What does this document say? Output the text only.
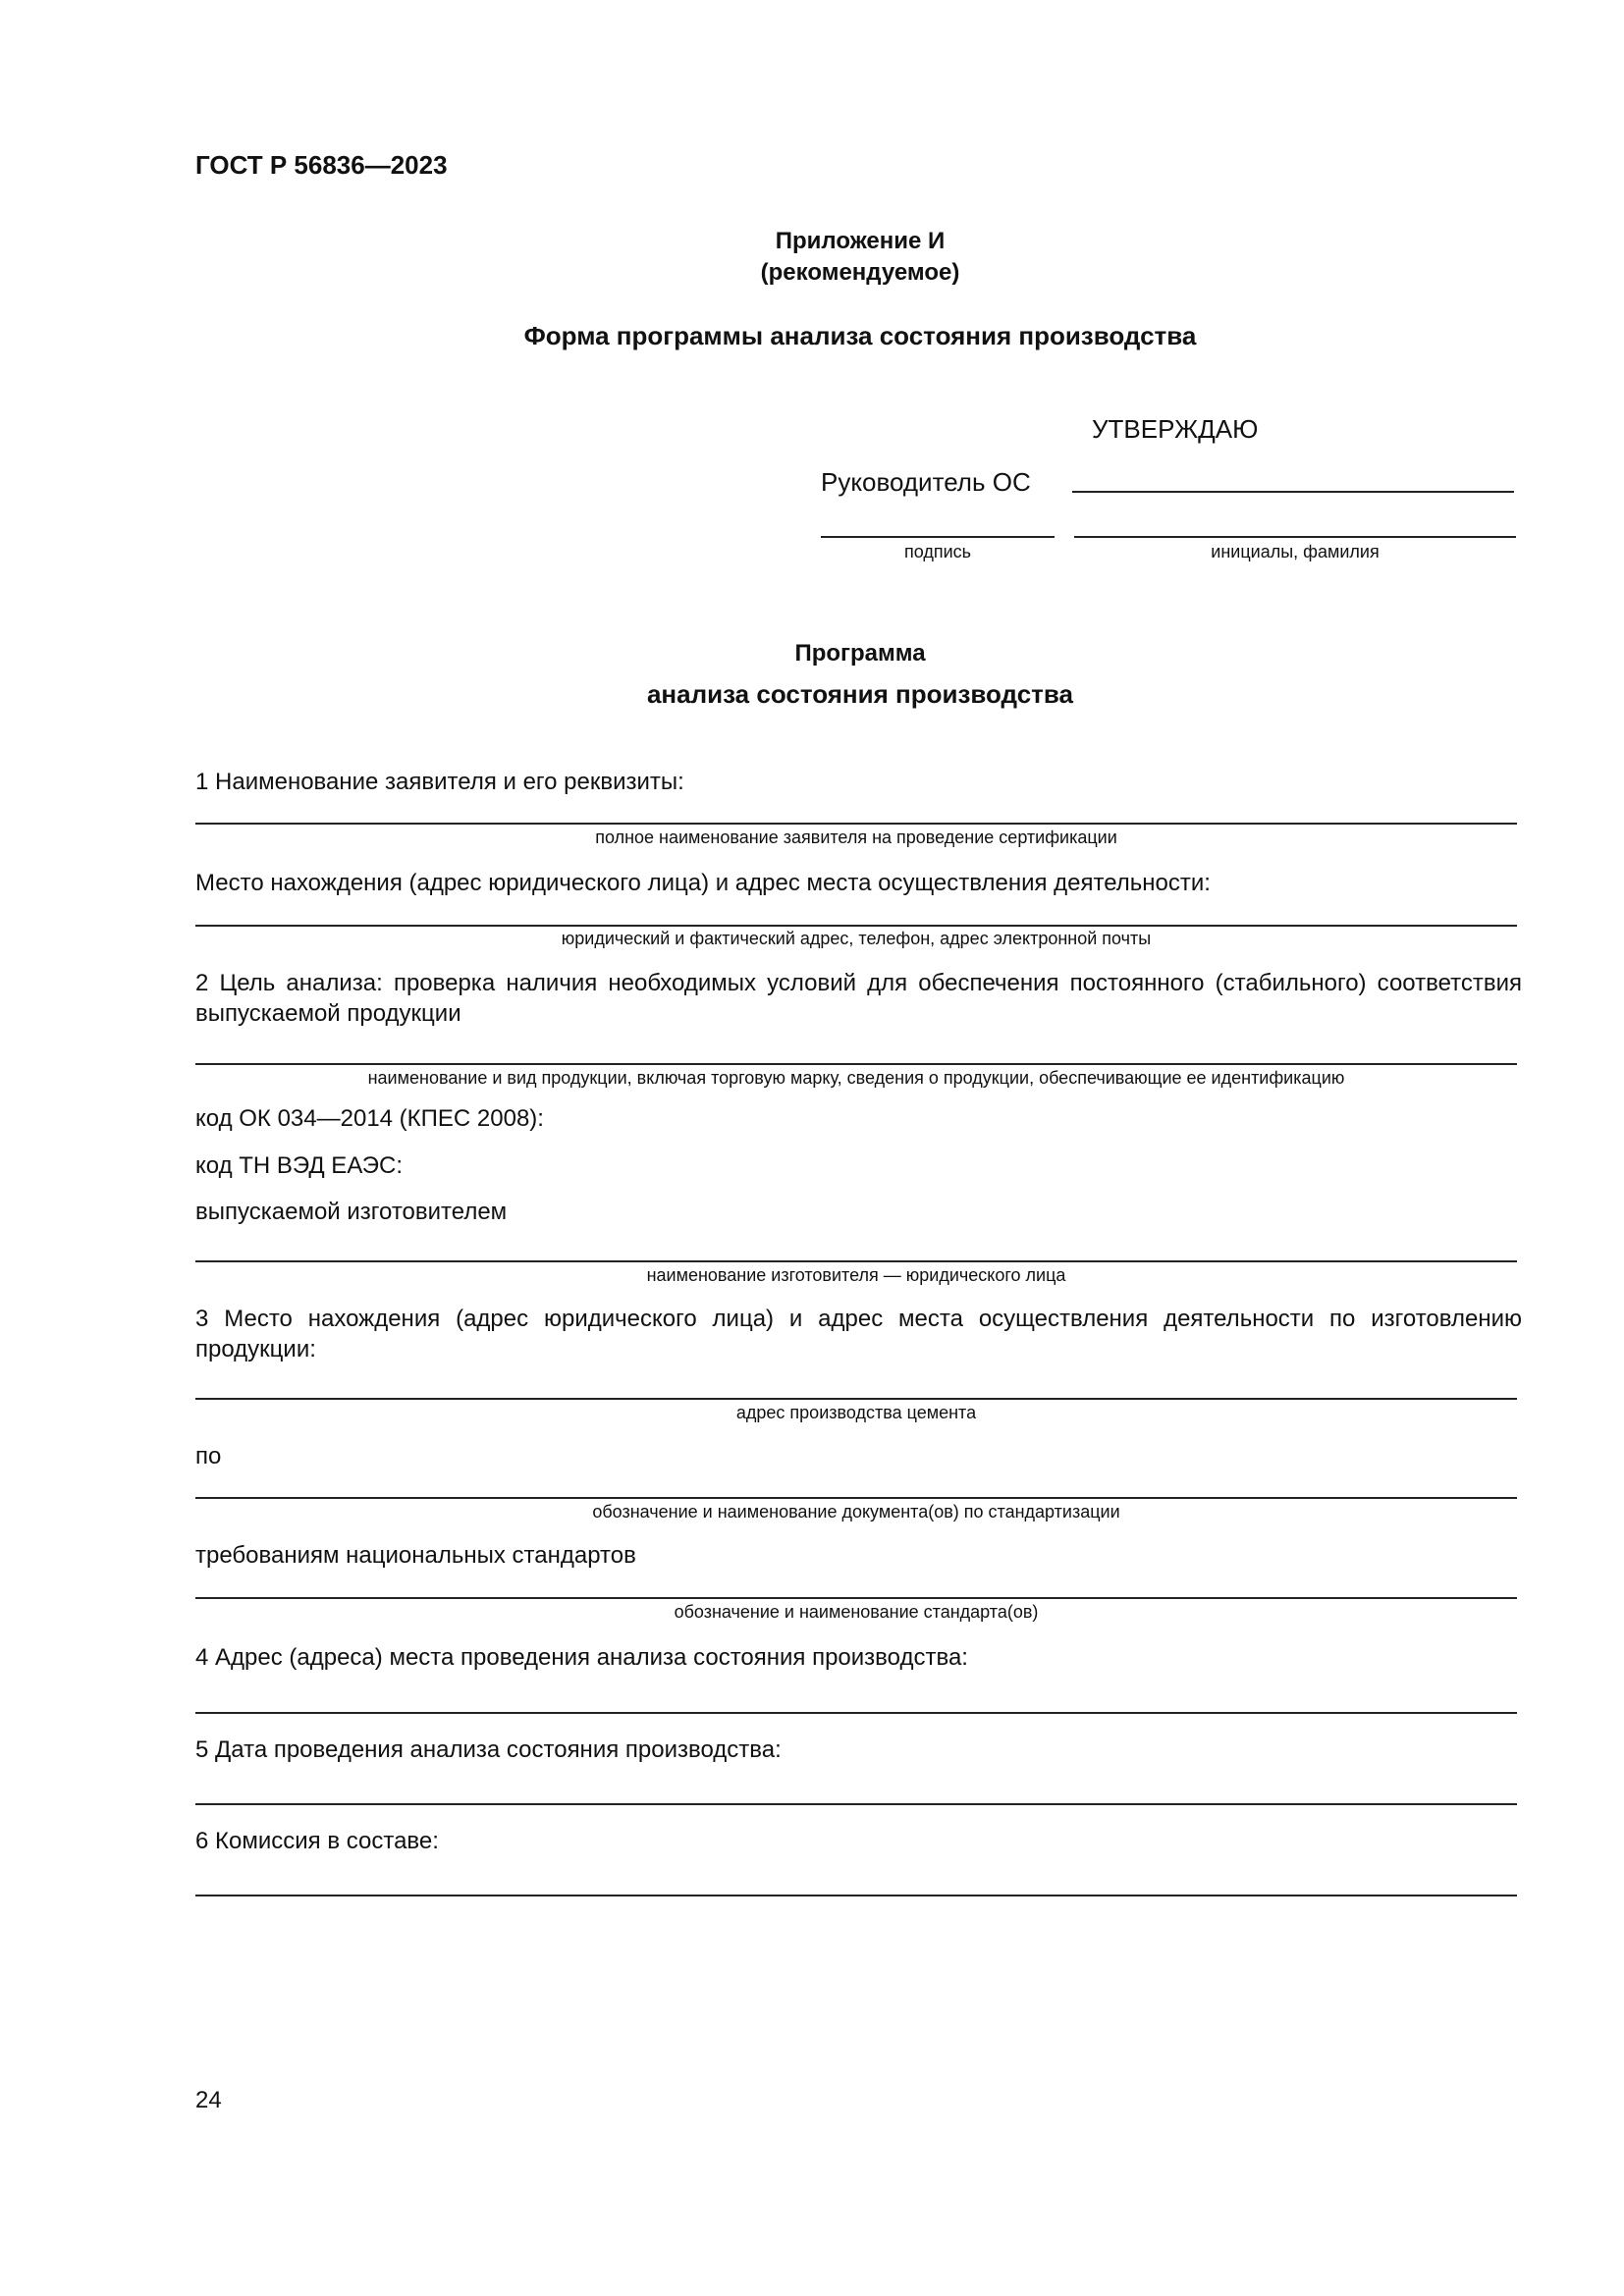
ГОСТ Р 56836—2023
Приложение И
(рекомендуемое)
Форма программы анализа состояния производства
УТВЕРЖДАЮ
Руководитель ОС
подпись	инициалы, фамилия
Программа
анализа состояния производства
1 Наименование заявителя и его реквизиты:
полное наименование заявителя на проведение сертификации
Место нахождения (адрес юридического лица) и адрес места осуществления деятельности:
юридический и фактический адрес, телефон, адрес электронной почты
2 Цель анализа: проверка наличия необходимых условий для обеспечения постоянного (стабильного) соответствия выпускаемой продукции
наименование и вид продукции, включая торговую марку, сведения о продукции, обеспечивающие ее идентификацию
код ОК 034—2014 (КПЕС 2008):
код ТН ВЭД ЕАЭС:
выпускаемой изготовителем
наименование изготовителя — юридического лица
3 Место нахождения (адрес юридического лица) и адрес места осуществления деятельности по изготовлению продукции:
адрес производства цемента
по
обозначение и наименование документа(ов) по стандартизации
требованиям национальных стандартов
обозначение и наименование стандарта(ов)
4 Адрес (адреса) места проведения анализа состояния производства:
5 Дата проведения анализа состояния производства:
6 Комиссия в составе:
24
